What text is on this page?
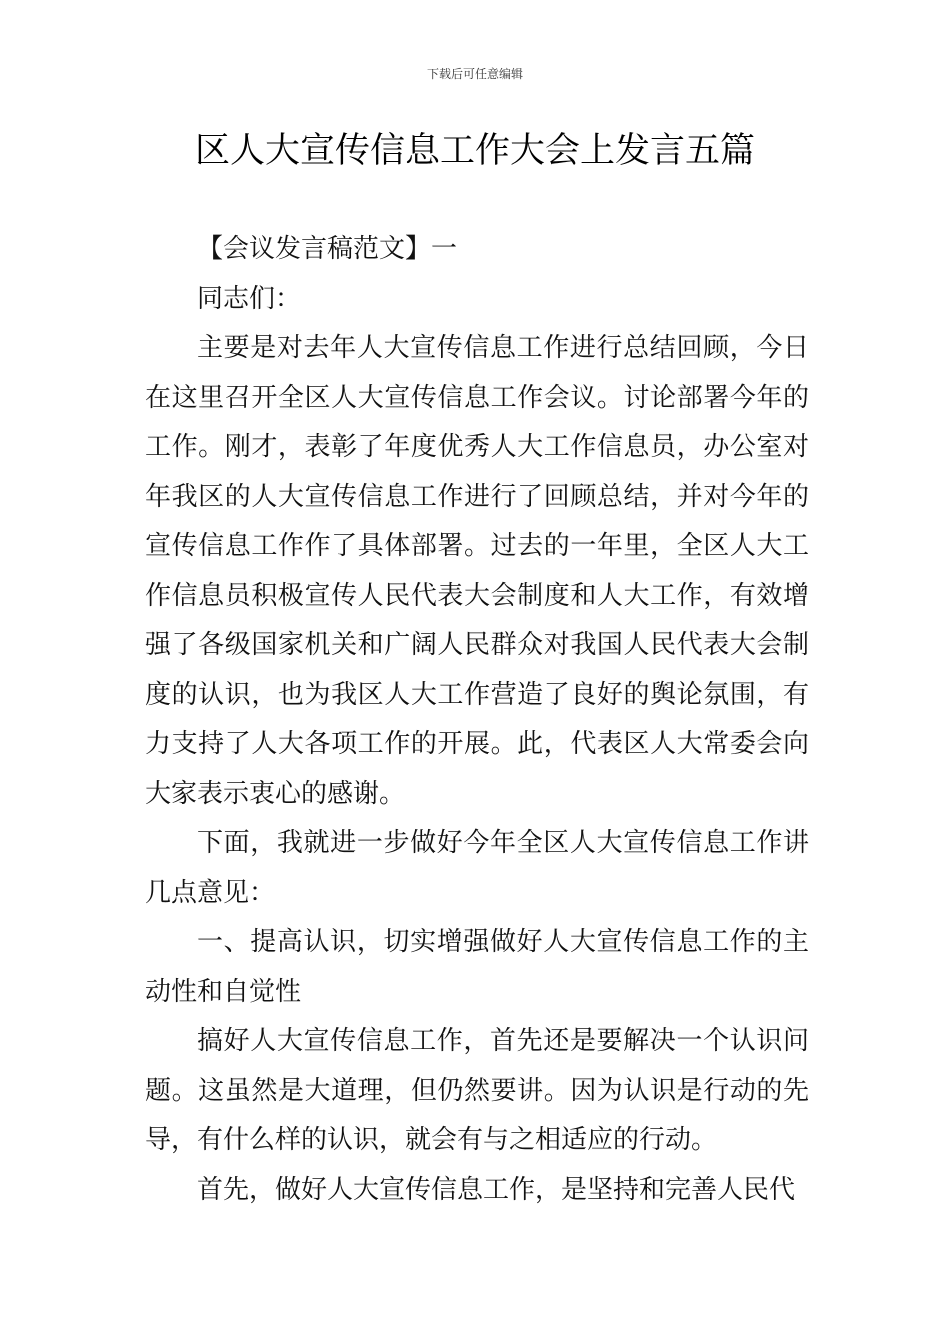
下载后可任意编辑
区人大宣传信息工作大会上发言五篇

【会议发言稿范文】一

同志们：

主要是对去年人大宣传信息工作进行总结回顾，今日在这里召开全区人大宣传信息工作会议。讨论部署今年的工作。刚才，表彰了年度优秀人大工作信息员，办公室对年我区的人大宣传信息工作进行了回顾总结，并对今年的宣传信息工作作了具体部署。过去的一年里，全区人大工作信息员积极宣传人民代表大会制度和人大工作，有效增强了各级国家机关和广阔人民群众对我国人民代表大会制度的认识，也为我区人大工作营造了良好的舆论氛围，有力支持了人大各项工作的开展。此，代表区人大常委会向大家表示衷心的感谢。

下面，我就进一步做好今年全区人大宣传信息工作讲几点意见：

一、提高认识，切实增强做好人大宣传信息工作的主动性和自觉性

搞好人大宣传信息工作，首先还是要解决一个认识问题。这虽然是大道理，但仍然要讲。因为认识是行动的先导，有什么样的认识，就会有与之相适应的行动。

首先，做好人大宣传信息工作，是坚持和完善人民代
